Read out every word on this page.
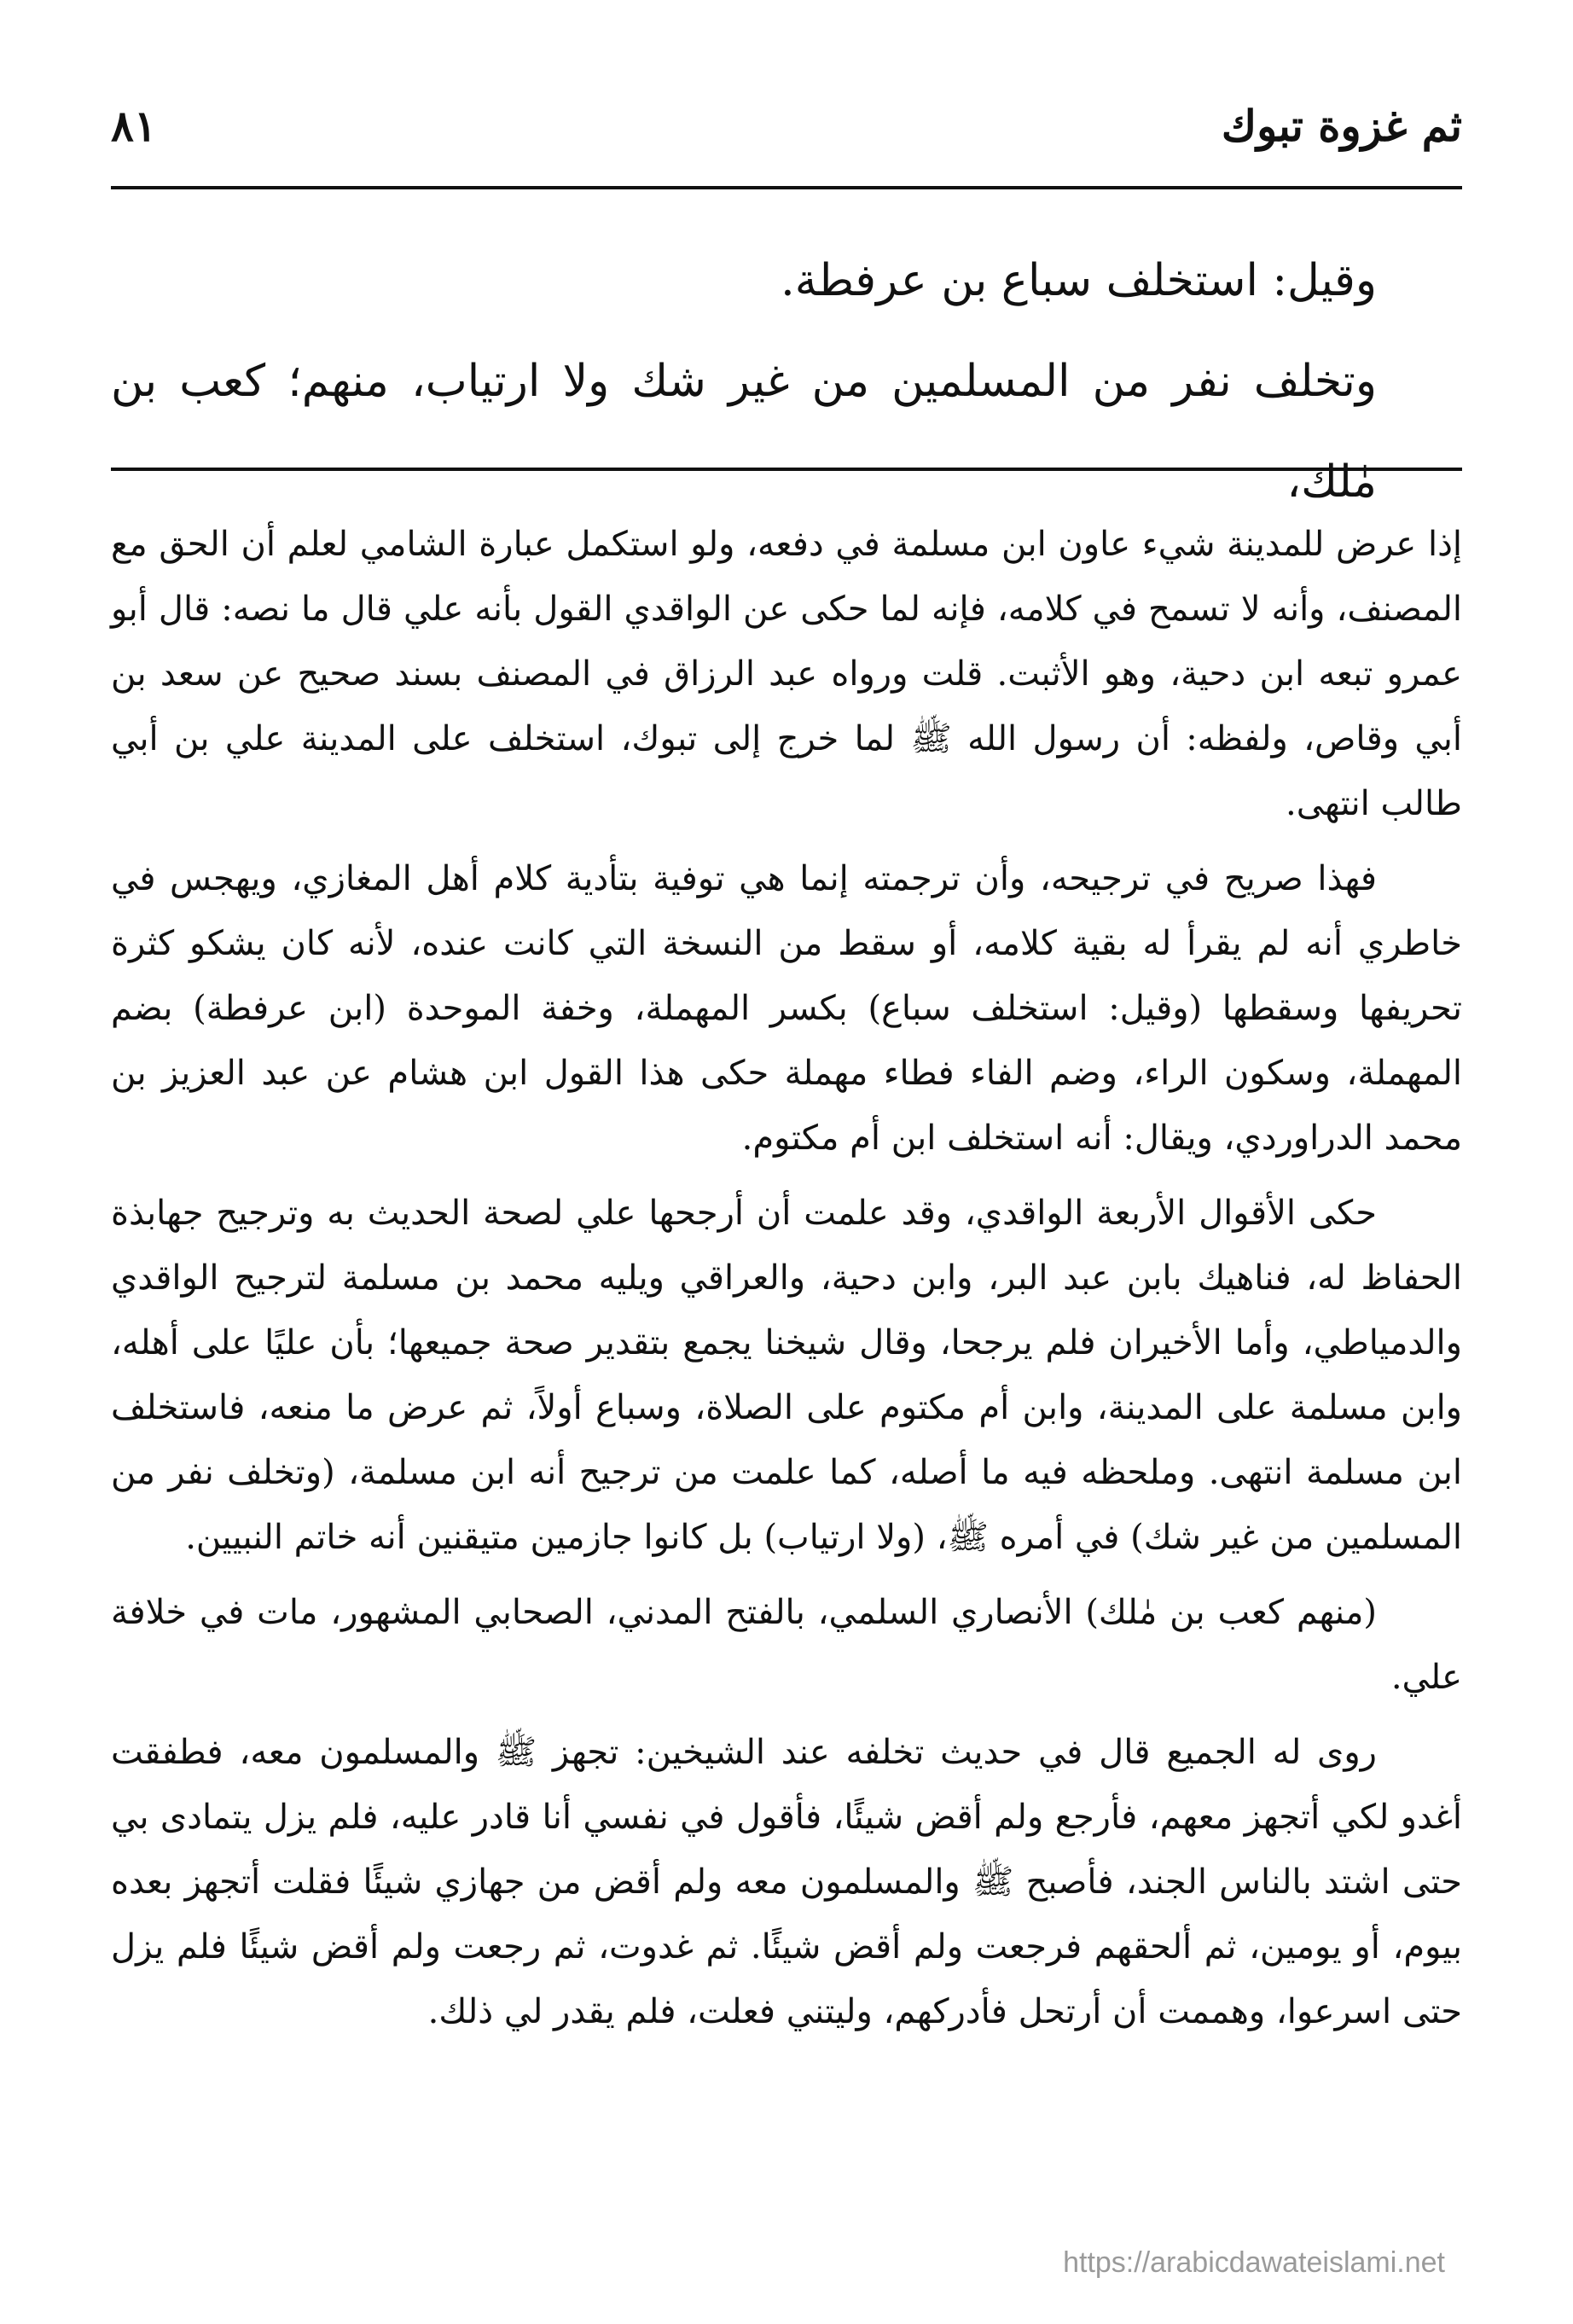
ثم غزوة تبوك
٨١

وقيل: استخلف سباع بن عرفطة.

وتخلف نفر من المسلمين من غير شك ولا ارتياب، منهم؛ كعب بن مٰلك،

إذا عرض للمدينة شيء عاون ابن مسلمة في دفعه، ولو استكمل عبارة الشامي لعلم أن الحق مع المصنف، وأنه لا تسمح في كلامه، فإنه لما حكى عن الواقدي القول بأنه علي قال ما نصه: قال أبو عمرو تبعه ابن دحية، وهو الأثبت. قلت ورواه عبد الرزاق في المصنف بسند صحيح عن سعد بن أبي وقاص، ولفظه: أن رسول الله ﷺ لما خرج إلى تبوك، استخلف على المدينة علي بن أبي طالب انتهى.

فهذا صريح في ترجيحه، وأن ترجمته إنما هي توفية بتأدية كلام أهل المغازي، ويهجس في خاطري أنه لم يقرأ له بقية كلامه، أو سقط من النسخة التي كانت عنده، لأنه كان يشكو كثرة تحريفها وسقطها (وقيل: استخلف سباع) بكسر المهملة، وخفة الموحدة (ابن عرفطة) بضم المهملة، وسكون الراء، وضم الفاء فطاء مهملة حكى هذا القول ابن هشام عن عبد العزيز بن محمد الدراوردي، ويقال: أنه استخلف ابن أم مكتوم.

حكى الأقوال الأربعة الواقدي، وقد علمت أن أرجحها علي لصحة الحديث به وترجيح جهابذة الحفاظ له، فناهيك بابن عبد البر، وابن دحية، والعراقي ويليه محمد بن مسلمة لترجيح الواقدي والدمياطي، وأما الأخيران فلم يرجحا، وقال شيخنا يجمع بتقدير صحة جميعها؛ بأن عليًا على أهله، وابن مسلمة على المدينة، وابن أم مكتوم على الصلاة، وسباع أولاً، ثم عرض ما منعه، فاستخلف ابن مسلمة انتهى. وملحظه فيه ما أصله، كما علمت من ترجيح أنه ابن مسلمة، (وتخلف نفر من المسلمين من غير شك) في أمره ﷺ، (ولا ارتياب) بل كانوا جازمين متيقنين أنه خاتم النبيين.

(منهم كعب بن مٰلك) الأنصاري السلمي، بالفتح المدني، الصحابي المشهور، مات في خلافة علي.

روى له الجميع قال في حديث تخلفه عند الشيخين: تجهز ﷺ والمسلمون معه، فطفقت أغدو لكي أتجهز معهم، فأرجع ولم أقض شيئًا، فأقول في نفسي أنا قادر عليه، فلم يزل يتمادى بي حتى اشتد بالناس الجند، فأصبح ﷺ والمسلمون معه ولم أقض من جهازي شيئًا فقلت أتجهز بعده بيوم، أو يومين، ثم ألحقهم فرجعت ولم أقض شيئًا. ثم غدوت، ثم رجعت ولم أقض شيئًا فلم يزل حتى اسرعوا، وهممت أن أرتحل فأدركهم، وليتني فعلت، فلم يقدر لي ذلك.

https://arabicdawateislami.net
